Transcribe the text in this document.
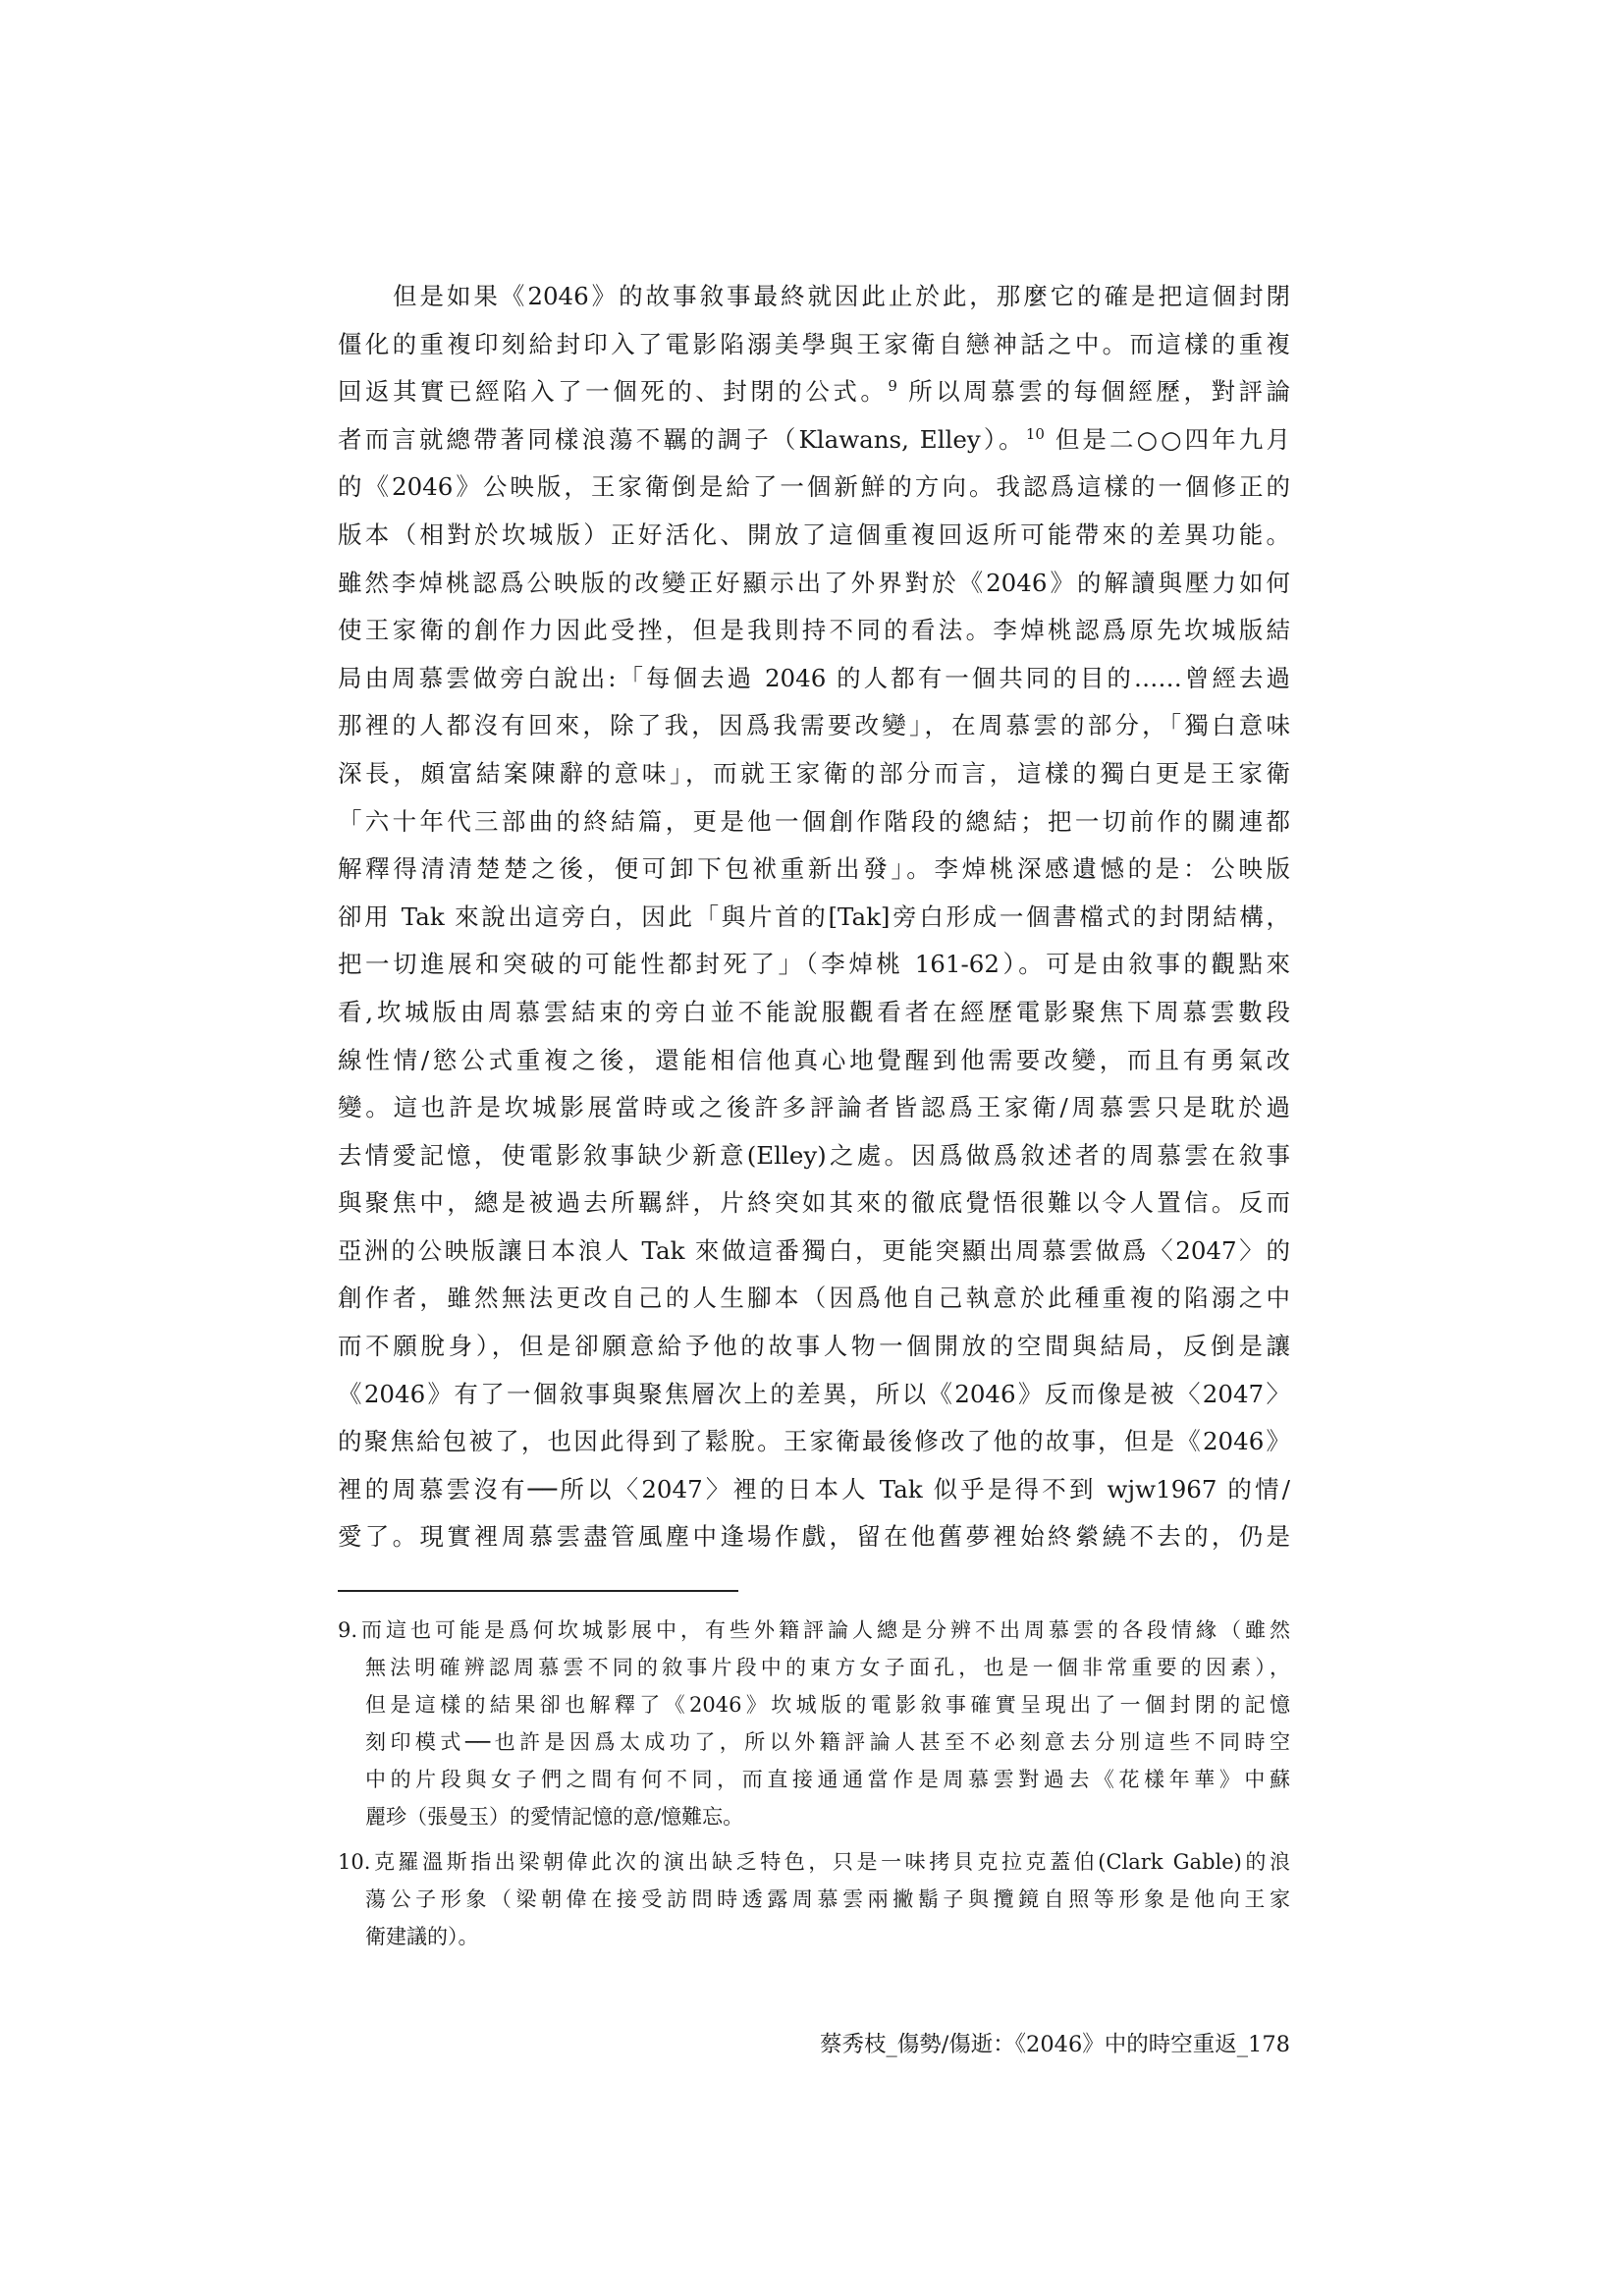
但是如果《2046》的故事敘事最終就因此止於此，那麼它的確是把這個封閉
僵化的重複印刻給封印入了電影陷溺美學與王家衛自戀神話之中。而這樣的重複
回返其實已經陷入了一個死的、封閉的公式。$^9$ 所以周慕雲的每個經歷，對評論
者而言就總帶著同樣浪蕩不羈的調子（Klawans, Elley）。$^{10}$ 但是二○○四年九月
的《2046》公映版，王家衛倒是給了一個新鮮的方向。我認爲這樣的一個修正的
版本（相對於坎城版）正好活化、開放了這個重複回返所可能帶來的差異功能。
雖然李焯桃認爲公映版的改變正好顯示出了外界對於《2046》的解讀與壓力如何
使王家衛的創作力因此受挫，但是我則持不同的看法。李焯桃認爲原先坎城版結
局由周慕雲做旁白說出:「每個去過 2046 的人都有一個共同的目的……曾經去過
那裡的人都沒有回來，除了我，因爲我需要改變」，在周慕雲的部分，「獨白意味
深長，頗富結案陳辭的意味」，而就王家衛的部分而言，這樣的獨白更是王家衛
「六十年代三部曲的終結篇，更是他一個創作階段的總結；把一切前作的關連都
解釋得清清楚楚之後，便可卸下包袱重新出發」。李焯桃深感遺憾的是：公映版
卻用 Tak 來說出這旁白，因此「與片首的[Tak]旁白形成一個書檔式的封閉結構，
把一切進展和突破的可能性都封死了」（李焯桃 161-62）。可是由敘事的觀點來
看,坎城版由周慕雲結束的旁白並不能說服觀看者在經歷電影聚焦下周慕雲數段
線性情/慾公式重複之後，還能相信他真心地覺醒到他需要改變，而且有勇氣改
變。這也許是坎城影展當時或之後許多評論者皆認爲王家衛/周慕雲只是耽於過
去情愛記憶，使電影敘事缺少新意(Elley)之處。因爲做爲敘述者的周慕雲在敘事
與聚焦中，總是被過去所羈絆，片終突如其來的徹底覺悟很難以令人置信。反而
亞洲的公映版讓日本浪人 Tak 來做這番獨白，更能突顯出周慕雲做爲〈2047〉的
創作者，雖然無法更改自己的人生腳本（因爲他自己執意於此種重複的陷溺之中
而不願脫身），但是卻願意給予他的故事人物一個開放的空間與結局，反倒是讓
《2046》有了一個敘事與聚焦層次上的差異，所以《2046》反而像是被〈2047〉
的聚焦給包被了，也因此得到了鬆脫。王家衛最後修改了他的故事，但是《2046》
裡的周慕雲沒有──所以〈2047〉裡的日本人 Tak 似乎是得不到 wjw1967 的情/
愛了。現實裡周慕雲盡管風塵中逢場作戲，留在他舊夢裡始終縈繞不去的，仍是
9.而這也可能是爲何坎城影展中，有些外籍評論人總是分辨不出周慕雲的各段情緣（雖然
無法明確辨認周慕雲不同的敘事片段中的東方女子面孔，也是一個非常重要的因素），
但是這樣的結果卻也解釋了《2046》坎城版的電影敘事確實呈現出了一個封閉的記憶
刻印模式──也許是因爲太成功了，所以外籍評論人甚至不必刻意去分別這些不同時空
中的片段與女子們之間有何不同，而直接通通當作是周慕雲對過去《花樣年華》中蘇
麗珍（張曼玉）的愛情記憶的意/憶難忘。
10.克羅溫斯指出梁朝偉此次的演出缺乏特色，只是一味拷貝克拉克蓋伯(Clark Gable)的浪
蕩公子形象（梁朝偉在接受訪問時透露周慕雲兩撇鬍子與攬鏡自照等形象是他向王家
衛建議的）。
蔡秀枝_傷勢/傷逝：《2046》中的時空重返_178
